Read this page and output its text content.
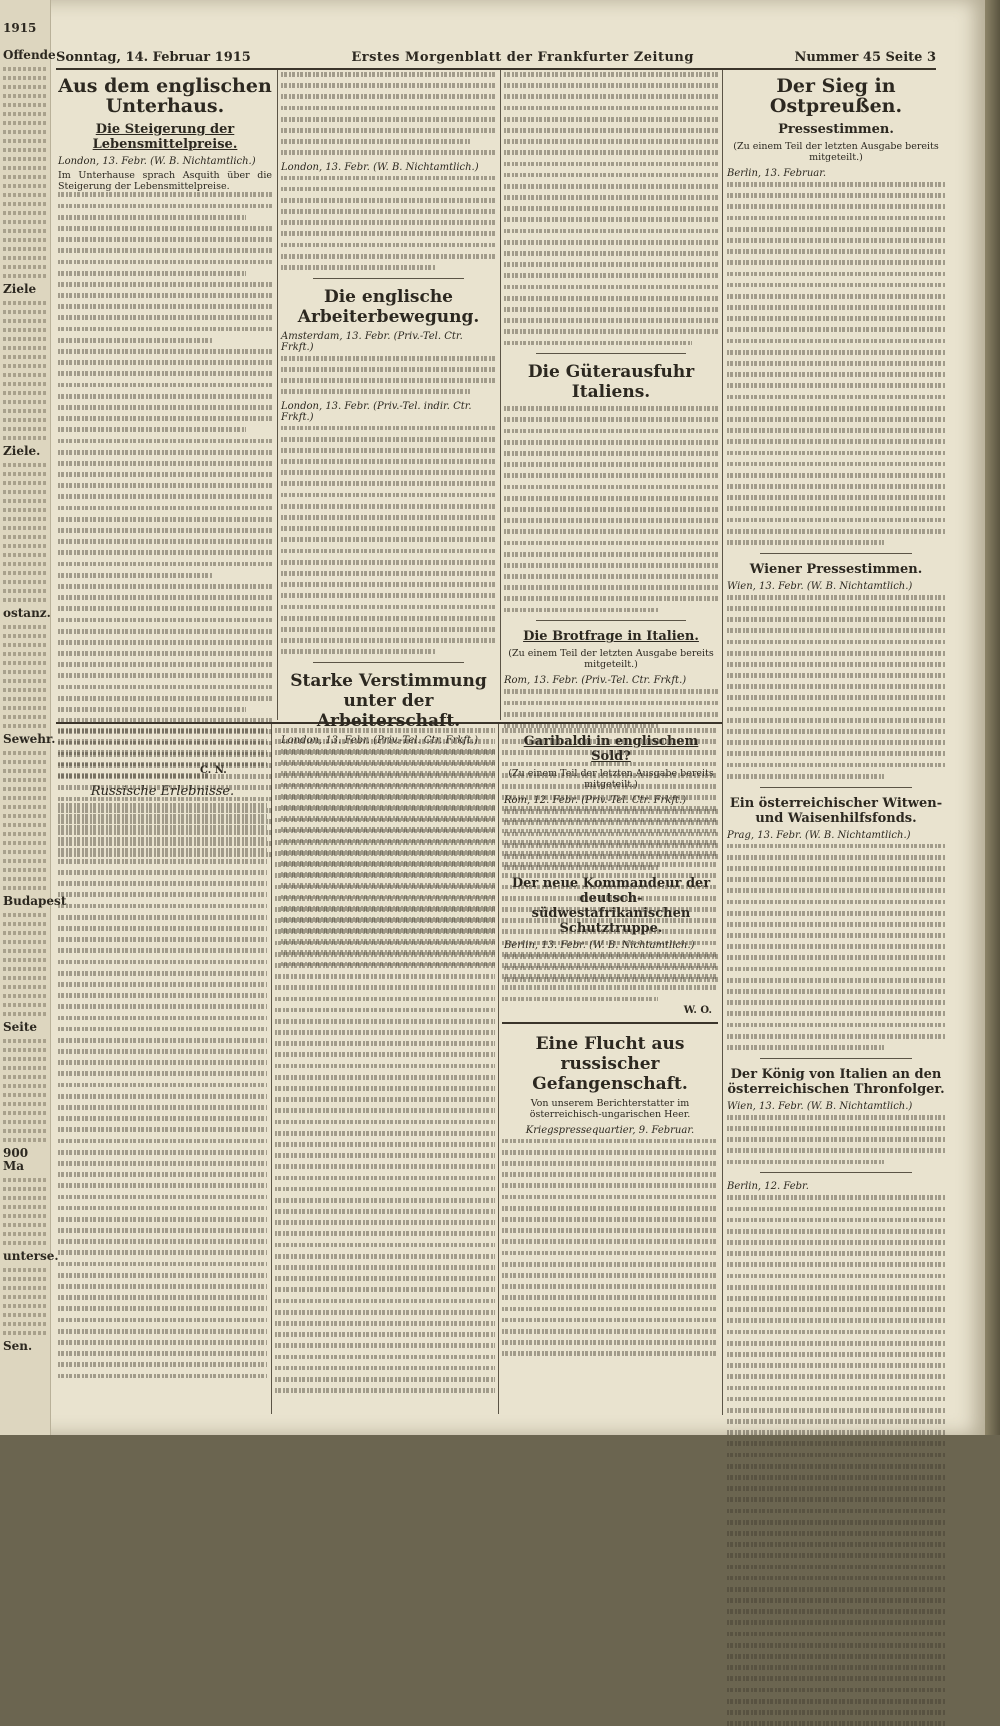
1915
Offende
Ziele
Ziele.
ostanz.
Sewehr.
Budapest
Seite
900 Ma
unterse.
Sen.
Sonntag, 14. Februar 1915	Erstes Morgenblatt der Frankfurter Zeitung	Nummer 45 Seite 3
Aus dem englischen Unterhaus.
Die Steigerung der Lebensmittelpreise.
London, 13. Febr. (W. B. Nichtamtlich.)
Im Unterhause sprach Asquith über die Steigerung der Lebensmittelpreise.
London, 13. Febr. (W. B. Nichtamtlich.)
Die englische Arbeiterbewegung.
Amsterdam, 13. Febr. (Priv.-Tel. Ctr. Frkft.)
London, 13. Febr. (Priv.-Tel. indir. Ctr. Frkft.)
Starke Verstimmung unter der Arbeiterschaft.
London, 13. Febr. (Priv.-Tel. Ctr. Frkft.)
Die Güterausfuhr Italiens.
Die Brotfrage in Italien.
(Zu einem Teil der letzten Ausgabe bereits mitgeteilt.)
Rom, 13. Febr. (Priv.-Tel. Ctr. Frkft.)
Garibaldi in englischem Sold?
(Zu einem Teil der letzten Ausgabe bereits mitgeteilt.)
Rom, 12. Febr. (Priv.-Tel. Ctr. Frkft.)
Der neue Kommandeur der deutsch-südwestafrikanischen Schutztruppe.
Berlin, 13. Febr. (W. B. Nichtamtlich.)
Der Sieg in Ostpreußen.
Pressestimmen.
(Zu einem Teil der letzten Ausgabe bereits mitgeteilt.)
Berlin, 13. Februar.
Wiener Pressestimmen.
Wien, 13. Febr. (W. B. Nichtamtlich.)
Ein österreichischer Witwen- und Waisenhilfsfonds.
Prag, 13. Febr. (W. B. Nichtamtlich.)
Der König von Italien an den österreichischen Thronfolger.
Wien, 13. Febr. (W. B. Nichtamtlich.)
Berlin, 12. Febr.
Russische Erlebnisse.
W. O.
Eine Flucht aus russischer Gefangenschaft.
Von unserem Berichterstatter im österreichisch-ungarischen Heer.
Kriegspressequartier, 9. Februar.
C. N.
